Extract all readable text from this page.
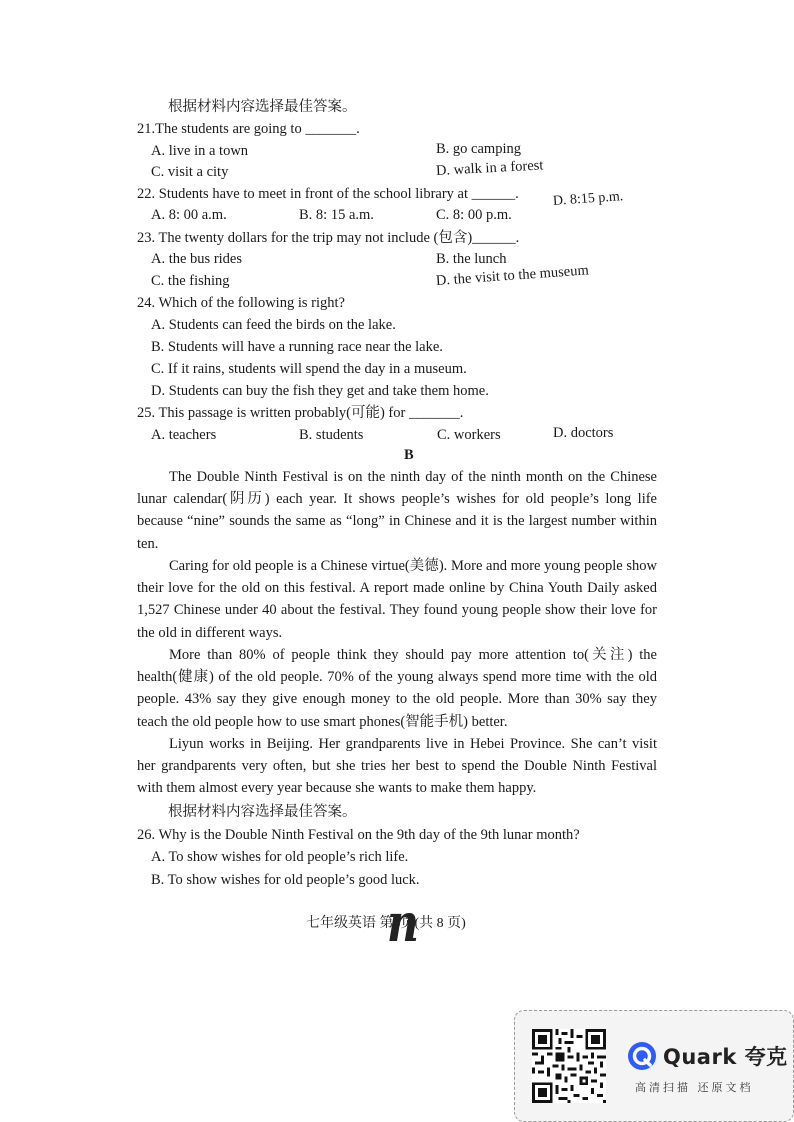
根据材料内容选择最佳答案。
21.The students are going to _______.
A. live in a town	B. go camping
C. visit a city	D. walk in a forest
22. Students have to meet in front of the school library at ______.
A. 8: 00 a.m.	B. 8: 15 a.m.	C. 8: 00 p.m.
D. 8:15 p.m.
23. The twenty dollars for the trip may not include (包含)______.
A. the bus rides	B. the lunch
C. the fishing	D. the visit to the museum
24. Which of the following is right?
A. Students can feed the birds on the lake.
B. Students will have a running race near the lake.
C. If it rains, students will spend the day in a museum.
D. Students can buy the fish they get and take them home.
25. This passage is written probably(可能) for _______.
A. teachers	B. students	C. workers	D. doctors
B
The Double Ninth Festival is on the ninth day of the ninth month on the Chinese lunar calendar(阴历) each year. It shows people’s wishes for old people’s long life because “nine” sounds the same as “long” in Chinese and it is the largest number within ten.
Caring for old people is a Chinese virtue(美德). More and more young people show their love for the old on this festival. A report made online by China Youth Daily asked 1,527 Chinese under 40 about the festival. They found young people show their love for the old in different ways.
More than 80% of people think they should pay more attention to(关注) the health(健康) of the old people. 70% of the young always spend more time with the old people. 43% say they give enough money to the old people. More than 30% say they teach the old people how to use smart phones(智能手机) better.
Liyun works in Beijing. Her grandparents live in Hebei Province. She can’t visit her grandparents very often, but she tries her best to spend the Double Ninth Festival with them almost every year because she wants to make them happy.
根据材料内容选择最佳答案。
26. Why is the Double Ninth Festival on the 9th day of the 9th lunar month?
A. To show wishes for old people’s rich life.
B. To show wishes for old people’s good luck.
七年级英语 第3页(共 8 页)
n
Quark 夸克
高清扫描 还原文档
